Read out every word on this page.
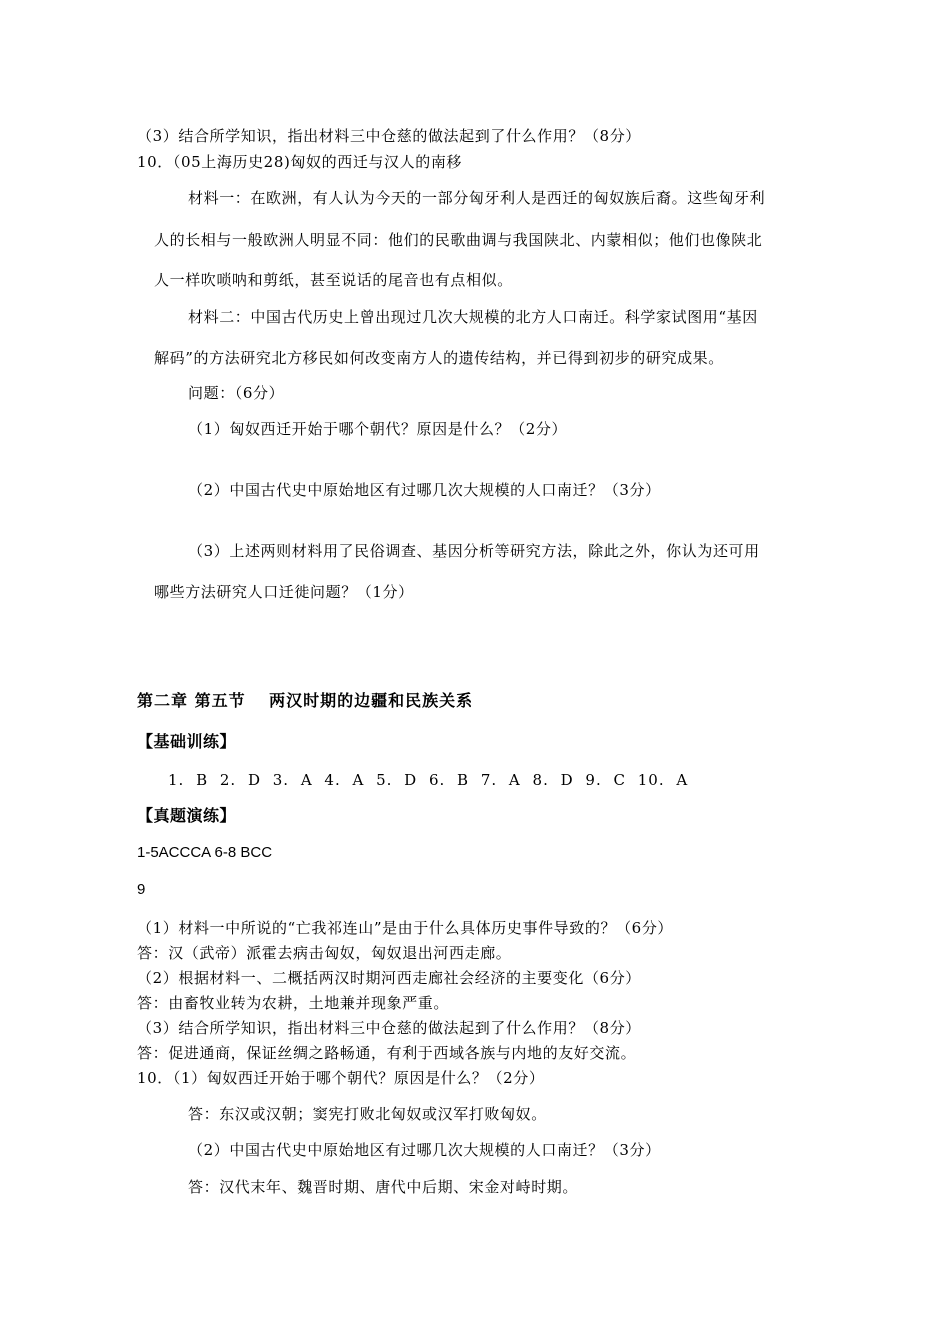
（3）结合所学知识，指出材料三中仓慈的做法起到了什么作用？（8分）
10．（05上海历史28)匈奴的西迁与汉人的南移
材料一：在欧洲，有人认为今天的一部分匈牙利人是西迁的匈奴族后裔。这些匈牙利
人的长相与一般欧洲人明显不同：他们的民歌曲调与我国陕北、内蒙相似；他们也像陕北
人一样吹唢呐和剪纸，甚至说话的尾音也有点相似。
材料二：中国古代历史上曾出现过几次大规模的北方人口南迁。科学家试图用“基因
解码”的方法研究北方移民如何改变南方人的遗传结构，并已得到初步的研究成果。
问题：（6分）
（1）匈奴西迁开始于哪个朝代？原因是什么？（2分）
（2）中国古代史中原始地区有过哪几次大规模的人口南迁？（3分）
（3）上述两则材料用了民俗调查、基因分析等研究方法，除此之外，你认为还可用
哪些方法研究人口迁徙问题？（1分）
第二章 第五节　 两汉时期的边疆和民族关系
【基础训练】
1. B 2. D 3. A 4. A 5. D 6. B 7. A 8. D 9. C 10. A
【真题演练】
1-5ACCCA 6-8 BCC
9
（1）材料一中所说的“亡我祁连山”是由于什么具体历史事件导致的？（6分）
答：汉（武帝）派霍去病击匈奴，匈奴退出河西走廊。
（2）根据材料一、二概括两汉时期河西走廊社会经济的主要变化（6分）
答：由畜牧业转为农耕，土地兼并现象严重。
（3）结合所学知识，指出材料三中仓慈的做法起到了什么作用？（8分）
答：促进通商，保证丝绸之路畅通，有利于西域各族与内地的友好交流。
10．（1）匈奴西迁开始于哪个朝代？原因是什么？（2分）
答：东汉或汉朝；窦宪打败北匈奴或汉军打败匈奴。
（2）中国古代史中原始地区有过哪几次大规模的人口南迁？（3分）
答：汉代末年、魏晋时期、唐代中后期、宋金对峙时期。
